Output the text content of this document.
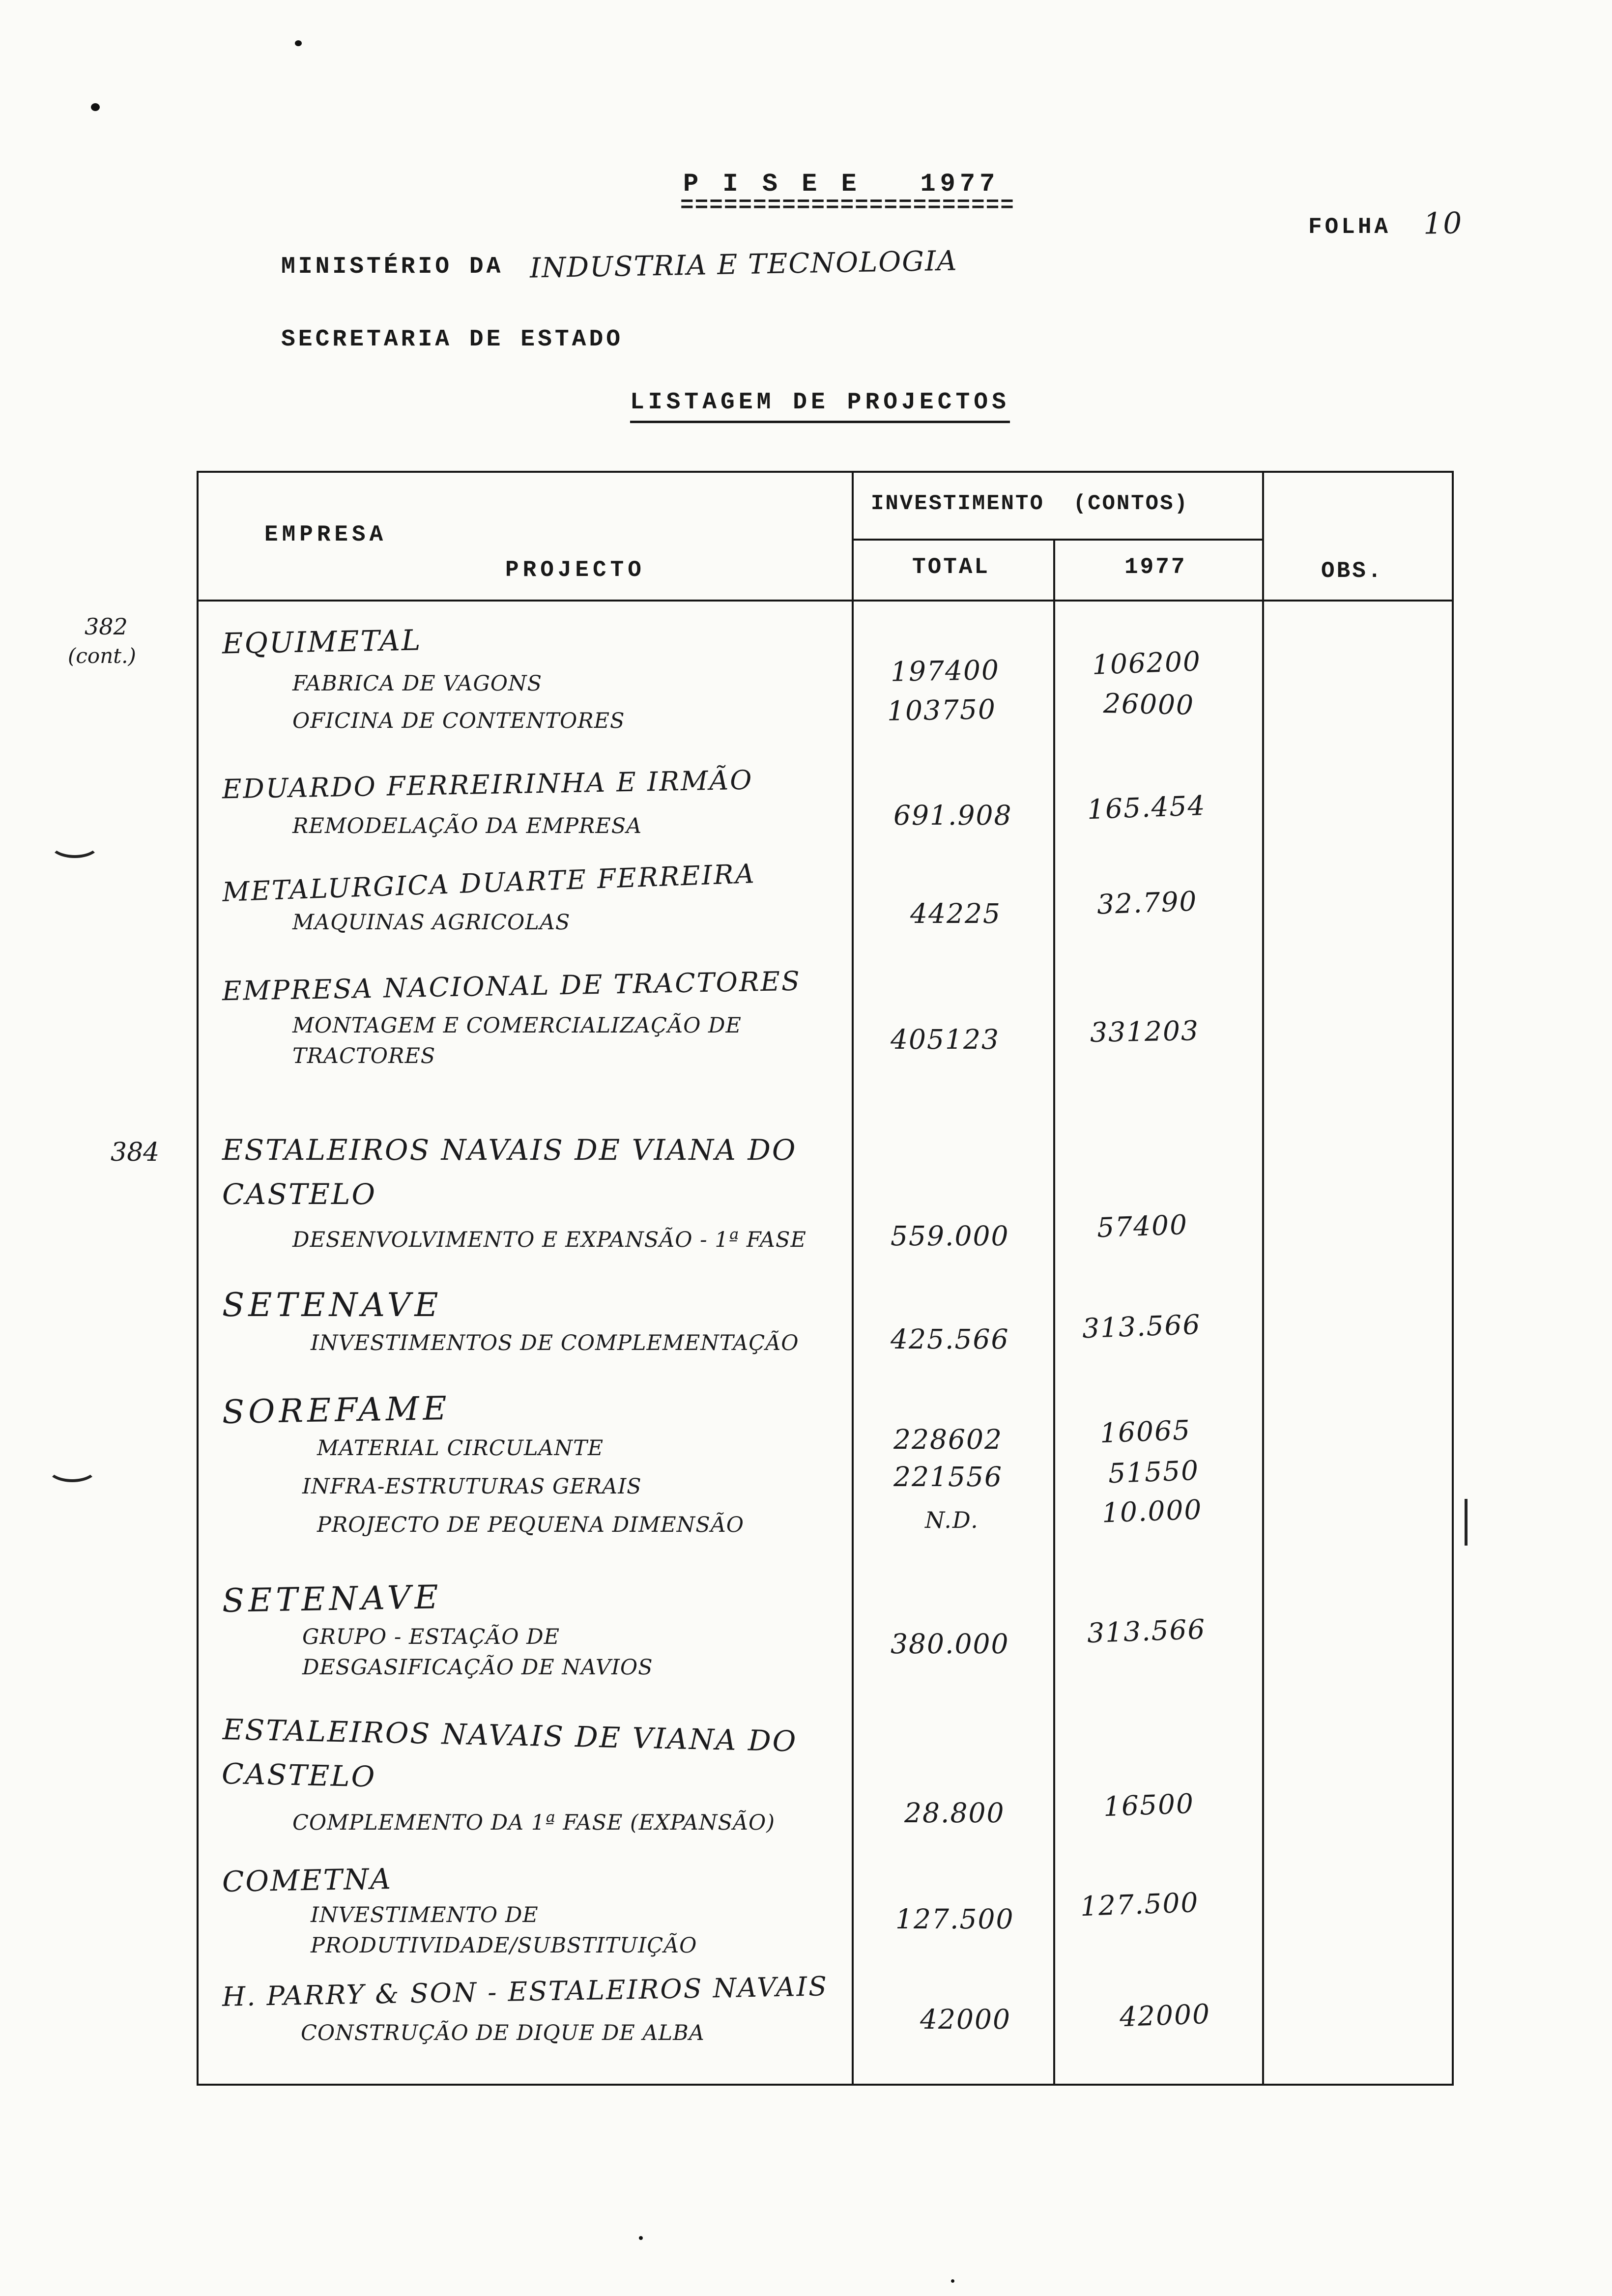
P I S E E   1977
=======================
FOLHA 10
MINISTÉRIO DA INDUSTRIA E TECNOLOGIA
SECRETARIA DE ESTADO
LISTAGEM DE PROJECTOS
382
(cont.)
384
EMPRESA
PROJECTO
INVESTIMENTO  (CONTOS)
TOTAL	1977	OBS.
EQUIMETAL
FABRICA DE VAGONS	197400	106200
OFICINA DE CONTENTORES	103750	26000
EDUARDO FERREIRINHA E IRMÃO
REMODELAÇÃO DA EMPRESA	691.908	165.454
METALURGICA DUARTE FERREIRA
MAQUINAS AGRICOLAS	44225	32.790
EMPRESA NACIONAL DE TRACTORES
MONTAGEM E COMERCIALIZAÇÃO DE TRACTORES
405123	331203
ESTALEIROS NAVAIS DE VIANA DO CASTELO
DESENVOLVIMENTO E EXPANSÃO - 1ª FASE	559.000	57400
SETENAVE
INVESTIMENTOS DE COMPLEMENTAÇÃO	425.566	313.566
SOREFAME
MATERIAL CIRCULANTE	228602	16065
INFRA-ESTRUTURAS GERAIS	221556	51550
PROJECTO DE PEQUENA DIMENSÃO	N.D.	10.000
SETENAVE
GRUPO - ESTAÇÃO DE DESGASIFICAÇÃO DE NAVIOS
380.000	313.566
ESTALEIROS NAVAIS DE VIANA DO CASTELO
COMPLEMENTO DA 1ª FASE (EXPANSÃO)	28.800	16500
COMETNA
INVESTIMENTO DE PRODUTIVIDADE/SUBSTITUIÇÃO
127.500 127.500
H. PARRY & SON - ESTALEIROS NAVAIS
CONSTRUÇÃO DE DIQUE DE ALBA	42000	42000
